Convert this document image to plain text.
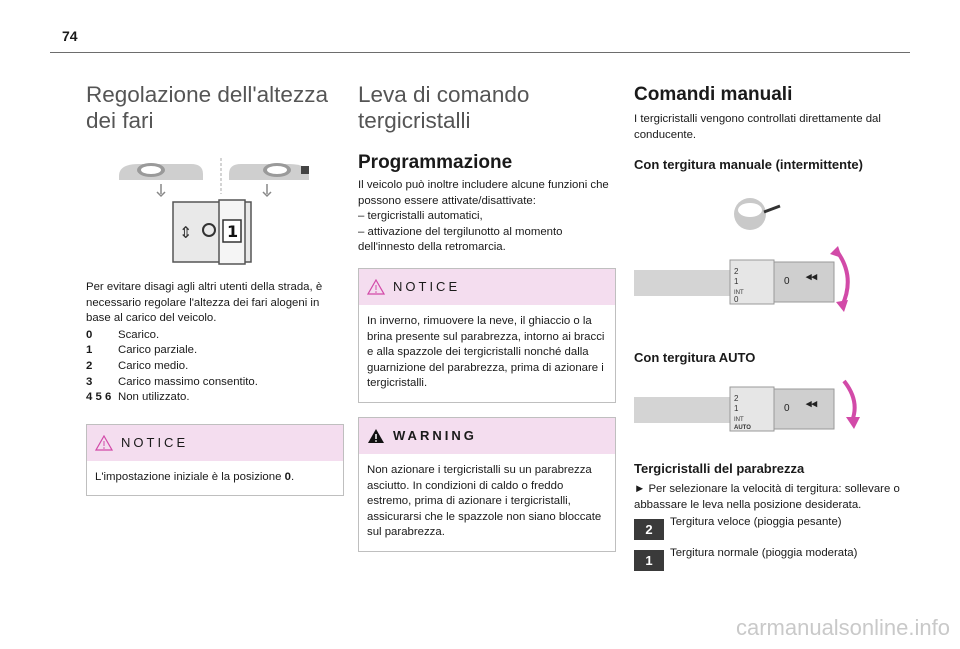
74
Regolazione dell'altezza
dei fari
⇕ 1

Per evitare disagi agli altri utenti della strada, è necessario regolare l'altezza dei fari alogeni in base al carico del veicolo.

0	Scarico.
1	Carico parziale.
2	Carico medio.
3	Carico massimo consentito.
4 5 6 Non utilizzato.
NOTICE
L'impostazione iniziale è la posizione 0.
Leva di comando
tergicristalli
Programmazione

Il veicolo può inoltre includere alcune funzioni che possono essere attivate/disattivate:

– tergicristalli automatici,

– attivazione del tergilunotto al momento dell'innesto della retromarcia.

NOTICE
In inverno, rimuovere la neve, il ghiaccio o la brina presente sul parabrezza, intorno ai bracci e alla spazzole dei tergicristalli nonché dalla guarnizione del parabrezza, prima di azionare i tergicristalli.
WARNING
Non azionare i tergicristalli su un parabrezza asciutto. In condizioni di caldo o freddo estremo, prima di azionare i tergicristalli, assicurarsi che le spazzole non siano bloccate sul parabrezza.
Comandi manuali

I tergicristalli vengono controllati direttamente dal conducente.

Con tergitura manuale (intermittente)
2
1
INT
0
0 ◂◂
Con tergitura AUTO
2
1
INT
AUTO
0 ◂◂
Tergicristalli del parabrezza

► Per selezionare la velocità di tergitura: sollevare o abbassare le leva nella posizione desiderata.

2	Tergitura veloce (pioggia pesante)
1	Tergitura normale (pioggia moderata)
carmanualsonline.info
